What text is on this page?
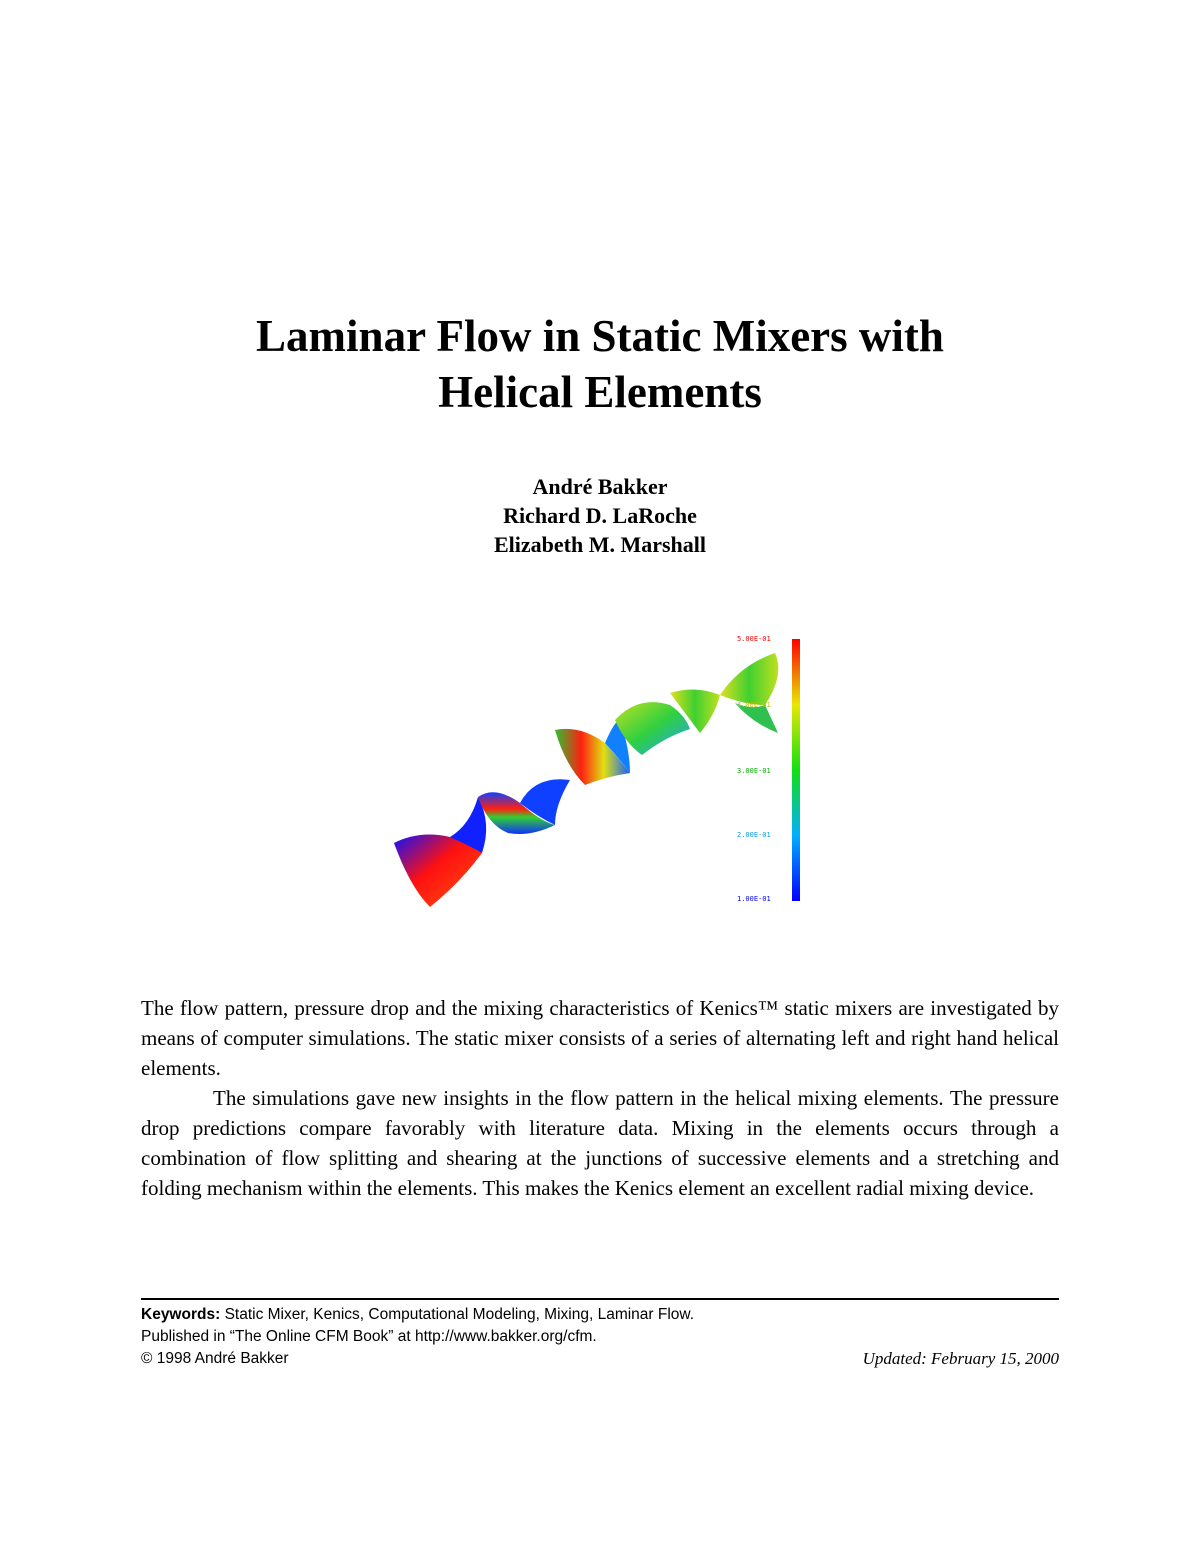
Laminar Flow in Static Mixers with
Helical Elements
André Bakker
Richard D. LaRoche
Elizabeth M. Marshall
5.00E-01
4.00E-01
3.00E-01
2.00E-01
1.00E-01

The flow pattern, pressure drop and the mixing characteristics of Kenics™ static mixers are investigated by means of computer simulations. The static mixer consists of a series of alternating left and right hand helical elements.

The simulations gave new insights in the flow pattern in the helical mixing elements. The pressure drop predictions compare favorably with literature data. Mixing in the elements occurs through a combination of flow splitting and shearing at the junctions of successive elements and a stretching and folding mechanism within the elements. This makes the Kenics element an excellent radial mixing device.

Keywords: Static Mixer, Kenics, Computational Modeling, Mixing, Laminar Flow.
Published in “The Online CFM Book” at http://www.bakker.org/cfm.
© 1998 André Bakker	Updated: February 15, 2000
